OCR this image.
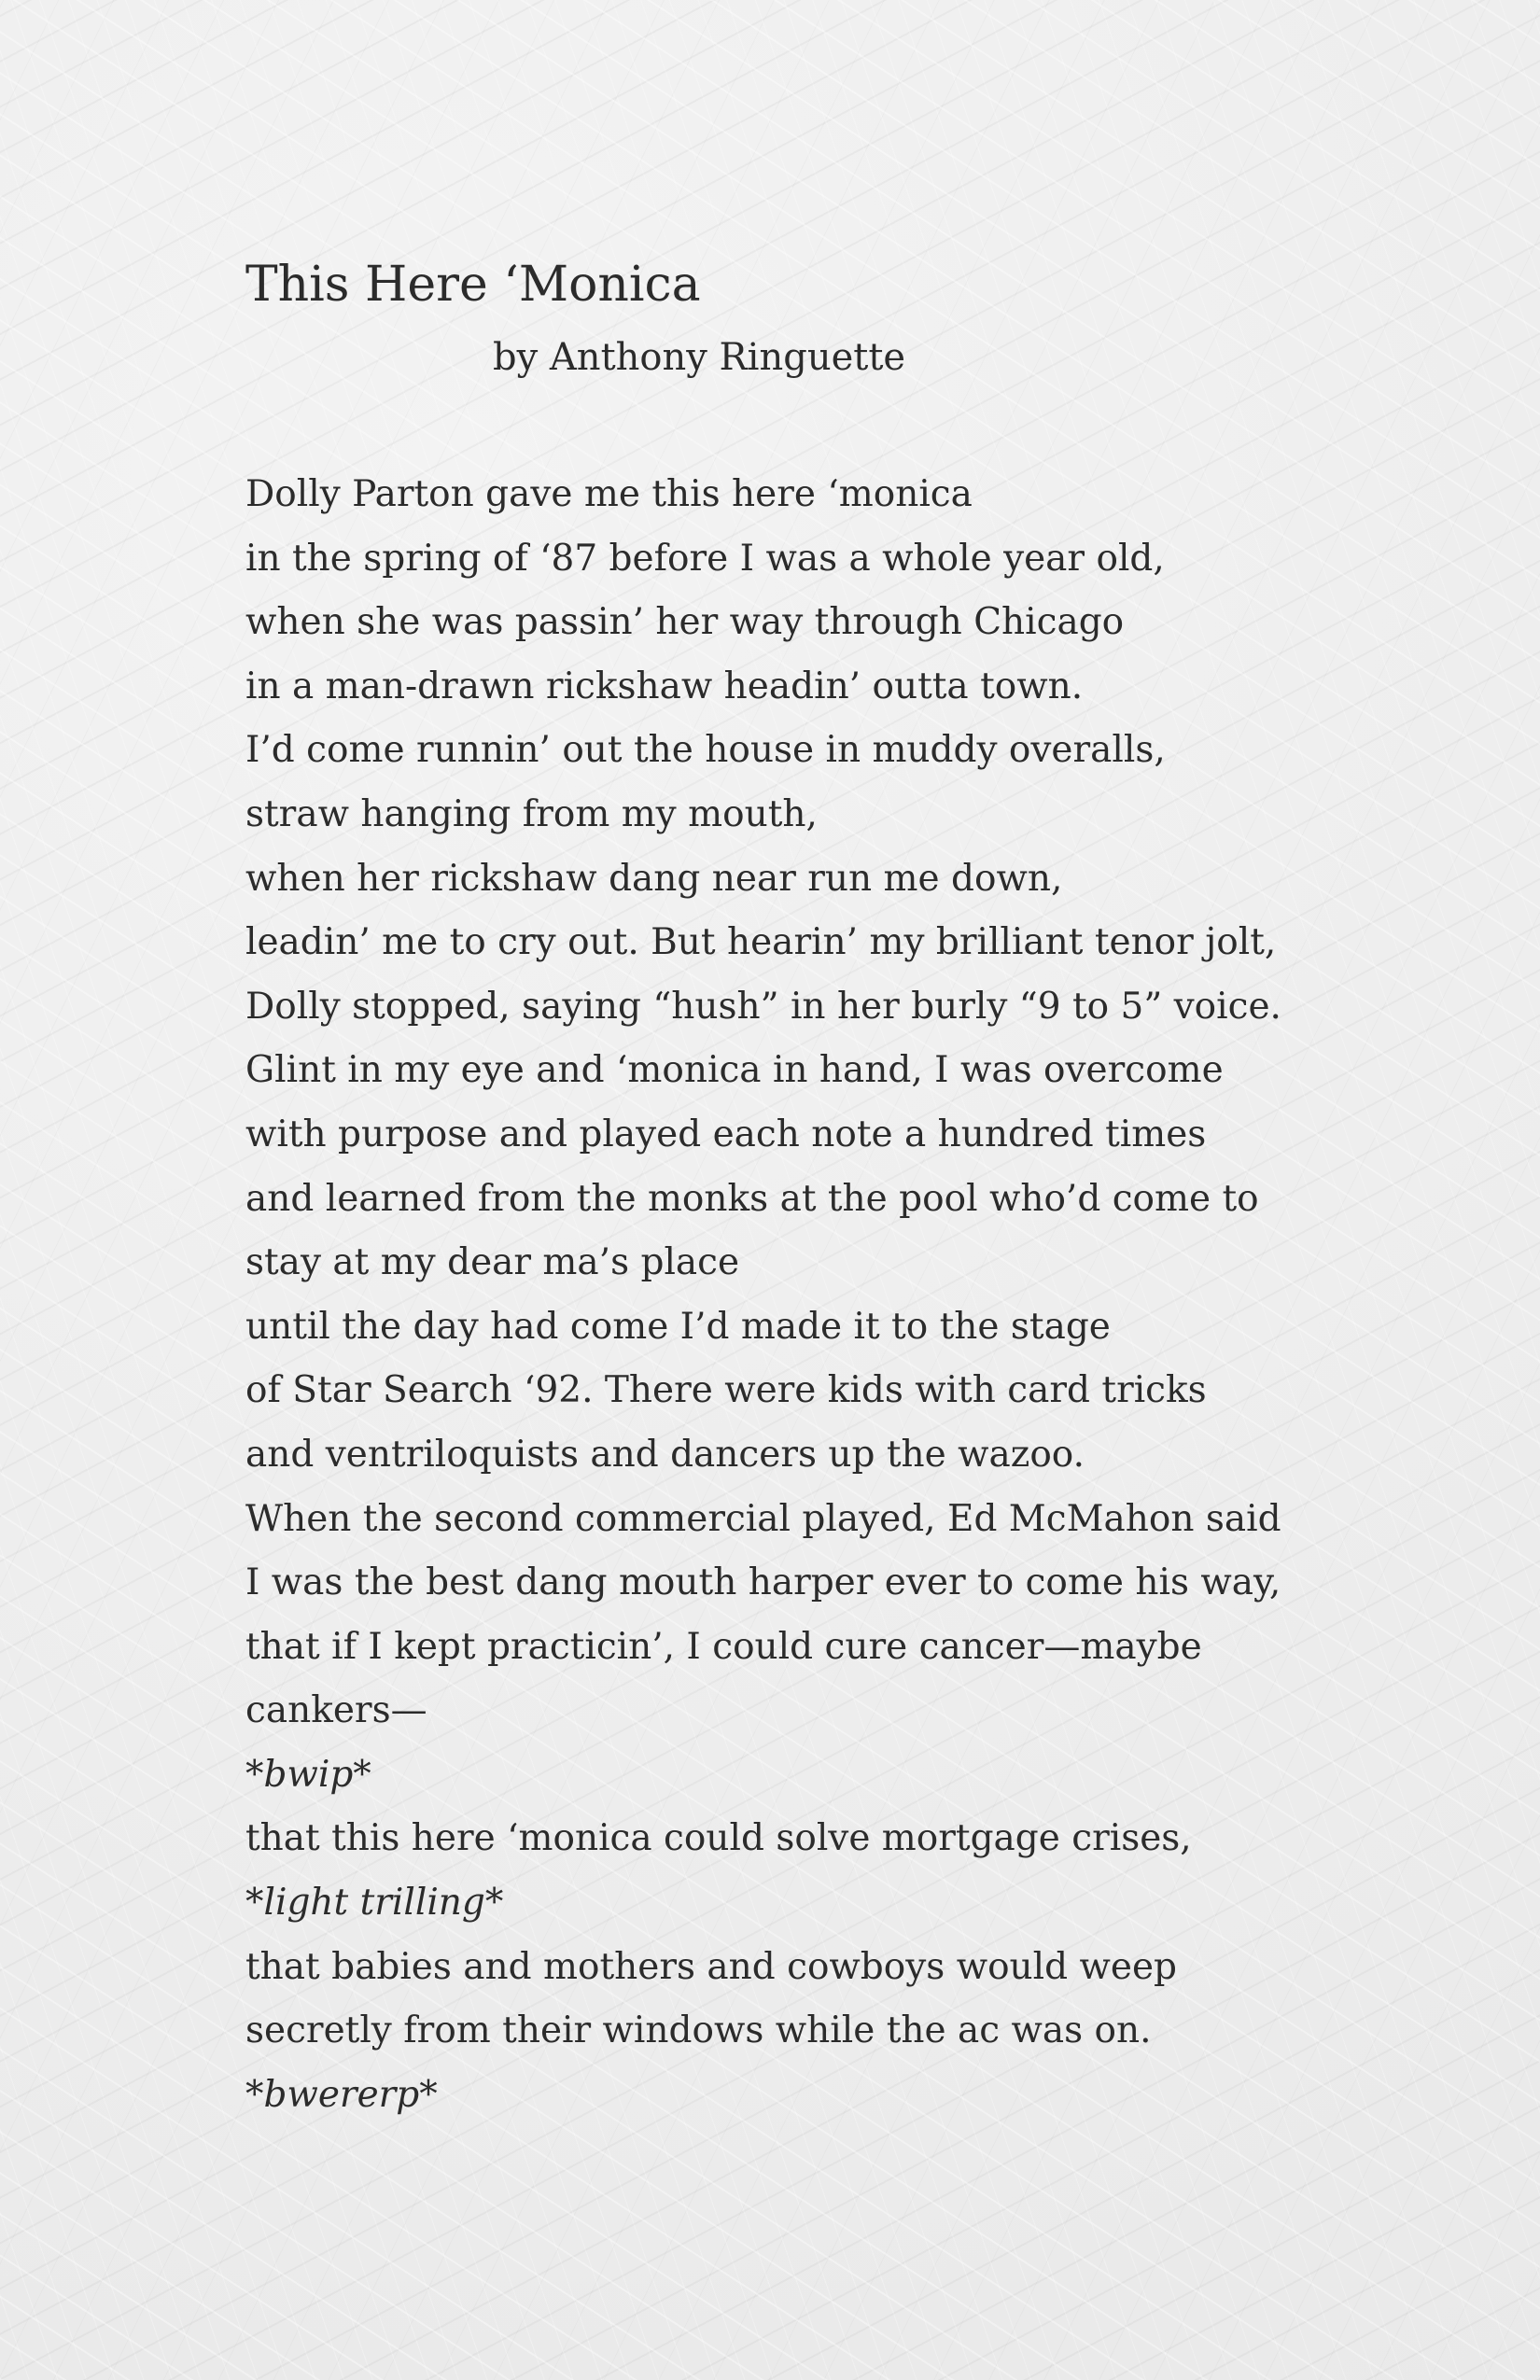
This Here ‘Monica

by Anthony Ringuette

Dolly Parton gave me this here ‘monica
in the spring of ‘87 before I was a whole year old,
when she was passin’ her way through Chicago
in a man-drawn rickshaw headin’ outta town.
I’d come runnin’ out the house in muddy overalls,
straw hanging from my mouth,
when her rickshaw dang near run me down,
leadin’ me to cry out. But hearin’ my brilliant tenor jolt,
Dolly stopped, saying “hush” in her burly “9 to 5” voice.
Glint in my eye and ‘monica in hand, I was overcome
with purpose and played each note a hundred times
and learned from the monks at the pool who’d come to
stay at my dear ma’s place
until the day had come I’d made it to the stage
of Star Search ‘92. There were kids with card tricks
and ventriloquists and dancers up the wazoo.
When the second commercial played, Ed McMahon said
I was the best dang mouth harper ever to come his way,
that if I kept practicin’, I could cure cancer—maybe
cankers—
*bwip*
that this here ‘monica could solve mortgage crises,
*light trilling*
that babies and mothers and cowboys would weep
secretly from their windows while the ac was on.
*bwererp*
